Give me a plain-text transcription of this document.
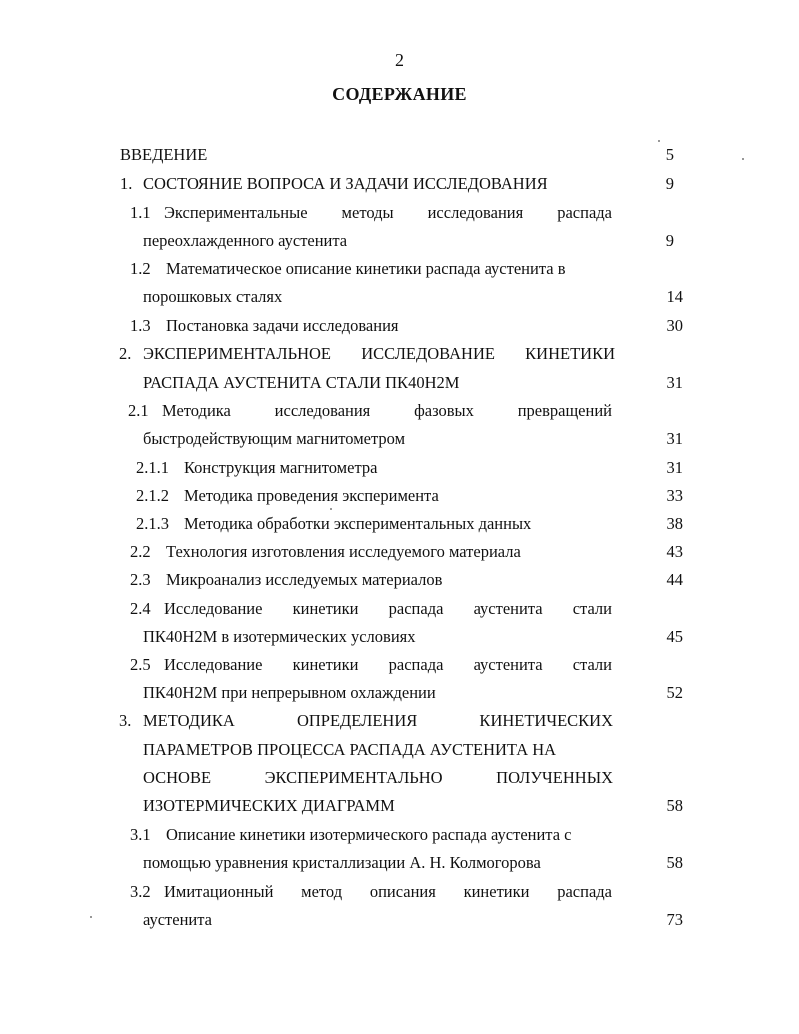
2
СОДЕРЖАНИЕ
ВВЕДЕНИЕ	5
1. СОСТОЯНИЕ ВОПРОСА И ЗАДАЧИ ИССЛЕДОВАНИЯ	9
1.1 Экспериментальные методы исследования распада
переохлажденного аустенита	9
1.2 Математическое описание кинетики распада аустенита в
порошковых сталях	14
1.3 Постановка задачи исследования	30
2. ЭКСПЕРИМЕНТАЛЬНОЕ ИССЛЕДОВАНИЕ КИНЕТИКИ
РАСПАДА АУСТЕНИТА СТАЛИ ПК40Н2М	31
2.1 Методика исследования фазовых превращений
быстродействующим магнитометром	31
2.1.1 Конструкция магнитометра	31
2.1.2 Методика проведения эксперимента	33
2.1.3 Методика обработки экспериментальных данных	38
2.2 Технология изготовления исследуемого материала	43
2.3 Микроанализ исследуемых материалов	44
2.4 Исследование кинетики распада аустенита стали
ПК40Н2М в изотермических условиях	45
2.5 Исследование кинетики распада аустенита стали
ПК40Н2М при непрерывном охлаждении	52
3. МЕТОДИКА ОПРЕДЕЛЕНИЯ КИНЕТИЧЕСКИХ
ПАРАМЕТРОВ ПРОЦЕССА РАСПАДА АУСТЕНИТА НА
ОСНОВЕ ЭКСПЕРИМЕНТАЛЬНО ПОЛУЧЕННЫХ
ИЗОТЕРМИЧЕСКИХ ДИАГРАММ	58
3.1 Описание кинетики изотермического распада аустенита с
помощью уравнения кристаллизации А. Н. Колмогорова	58
3.2 Имитационный метод описания кинетики распада
аустенита	73
